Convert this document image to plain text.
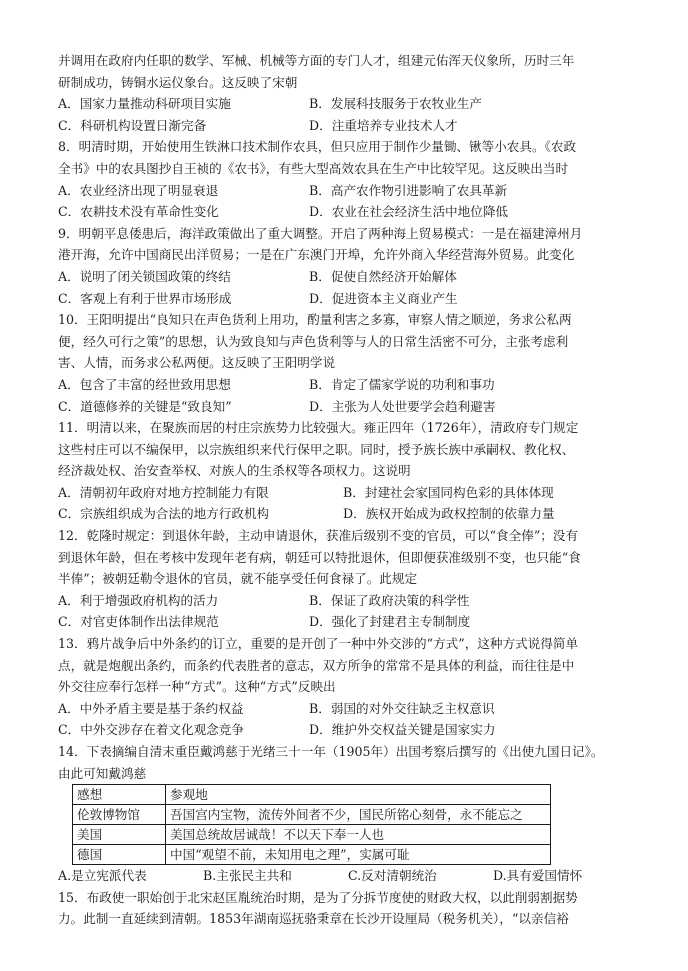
并调用在政府内任职的数学、军械、机械等方面的专门人才，组建元佑浑天仪象所，历时三年
研制成功，铸铜水运仪象台。这反映了宋朝
A．国家力量推动科研项目实施	B．发展科技服务于农牧业生产
C．科研机构设置日渐完备	D．注重培养专业技术人才
8．明清时期，开始使用生铁淋口技术制作农具，但只应用于制作少量锄、锹等小农具。《农政
全书》中的农具图抄自王祯的《农书》，有些大型高效农具在生产中比较罕见。这反映出当时
A．农业经济出现了明显衰退	B．高产农作物引进影响了农具革新
C．农耕技术没有革命性变化	D．农业在社会经济生活中地位降低
9．明朝平息倭患后，海洋政策做出了重大调整。开启了两种海上贸易模式：一是在福建漳州月
港开海，允许中国商民出洋贸易；一是在广东澳门开埠，允许外商入华经营海外贸易。此变化
A．说明了闭关锁国政策的终结	B．促使自然经济开始解体
C．客观上有利于世界市场形成	D．促进资本主义商业产生
10．王阳明提出“良知只在声色货利上用功，酌量利害之多寡，审察人情之顺逆，务求公私两
便，经久可行之策”的思想，认为致良知与声色货利等与人的日常生活密不可分，主张考虑利
害、人情，而务求公私两便。这反映了王阳明学说
A．包含了丰富的经世致用思想	B．肯定了儒家学说的功利和事功
C．道德修养的关键是“致良知”	D．主张为人处世要学会趋利避害
11．明清以来，在聚族而居的村庄宗族势力比较强大。雍正四年（1726年），清政府专门规定
这些村庄可以不编保甲，以宗族组织来代行保甲之职。同时，授予族长族中承嗣权、教化权、
经济裁处权、治安查举权、对族人的生杀权等各项权力。这说明
A．清朝初年政府对地方控制能力有限	B．封建社会家国同构色彩的具体体现
C．宗族组织成为合法的地方行政机构	D．族权开始成为政权控制的依靠力量
12．乾隆时规定：到退休年龄，主动申请退休，获准后级别不变的官员，可以“食全俸”；没有
到退休年龄，但在考核中发现年老有病，朝廷可以特批退休，但即便获准级别不变，也只能“食
半俸”；被朝廷勒令退休的官员，就不能享受任何食禄了。此规定
A．利于增强政府机构的活力	B．保证了政府决策的科学性
C．对官吏体制作出法律规范	D．强化了封建君主专制制度
13．鸦片战争后中外条约的订立，重要的是开创了一种中外交涉的“方式”，这种方式说得简单
点，就是炮舰出条约，而条约代表胜者的意志，双方所争的常常不是具体的利益，而往往是中
外交往应奉行怎样一种“方式”。这种“方式”反映出
A．中外矛盾主要是基于条约权益	B．弱国的对外交往缺乏主权意识
C．中外交涉存在着文化观念竞争	D．维护外交权益关键是国家实力
14．下表摘编自清末重臣戴鸿慈于光绪三十一年（1905年）出国考察后撰写的《出使九国日记》。
由此可知戴鸿慈
感想	参观地
伦敦博物馆	吾国宫内宝物，流传外间者不少，国民所铭心刻骨，永不能忘之
美国	美国总统故居诚哉！不以天下奉一人也
德国	中国“观望不前，未知用电之理”，实属可耻
A.是立宪派代表	B.主张民主共和	C.反对清朝统治	D.具有爱国情怀
15．布政使一职始创于北宋赵匡胤统治时期，是为了分拆节度使的财政大权，以此削弱割据势
力。此制一直延续到清朝。1853年湖南巡抚骆秉章在长沙开设厘局（税务机关），“以亲信裕
